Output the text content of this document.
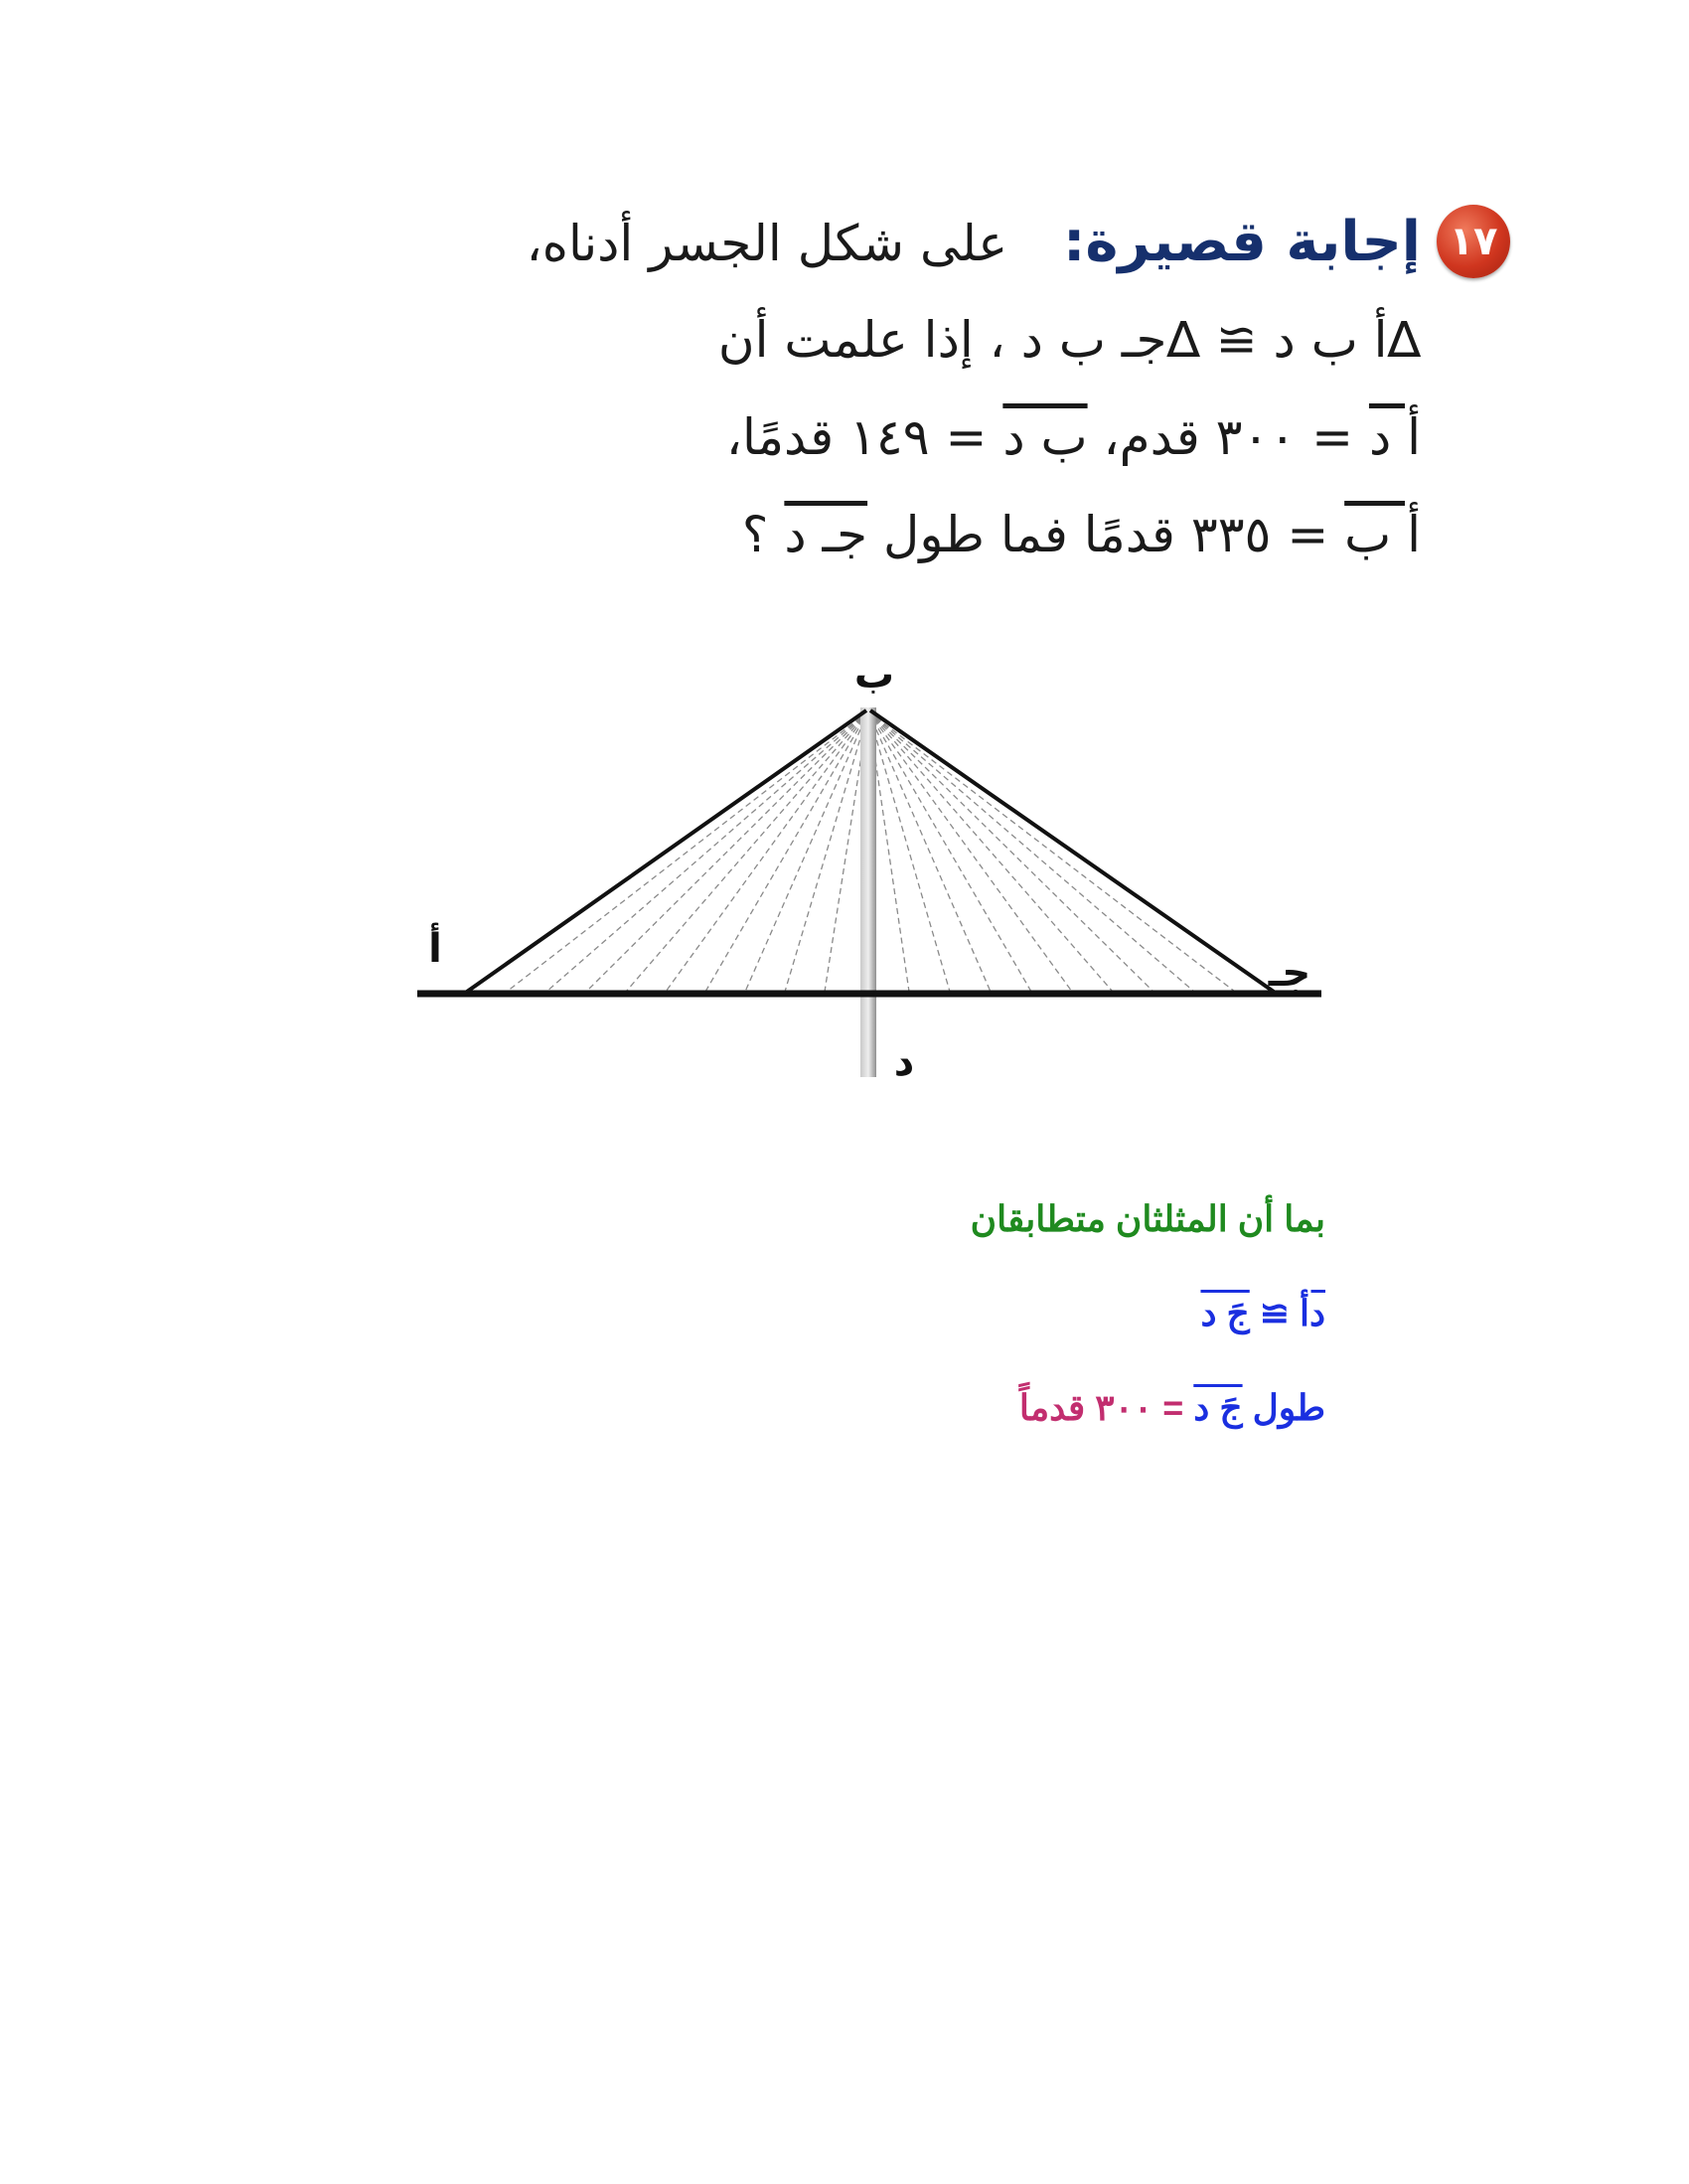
١٧
إجابة قصيرة: على شكل الجسر أدناه،
∆أ ب د ≅ ∆جـ ب د ، إذا علمت أن
أ د = ٣٠٠ قدم، ب د = ١٤٩ قدمًا،
أ ب = ٣٣٥ قدمًا فما طول جـ د ؟
ب
أ
جـ
د
بما أن المثلثان متطابقان
دأ ≅ جَ د
طول جَ د = ٣٠٠ قدماً
